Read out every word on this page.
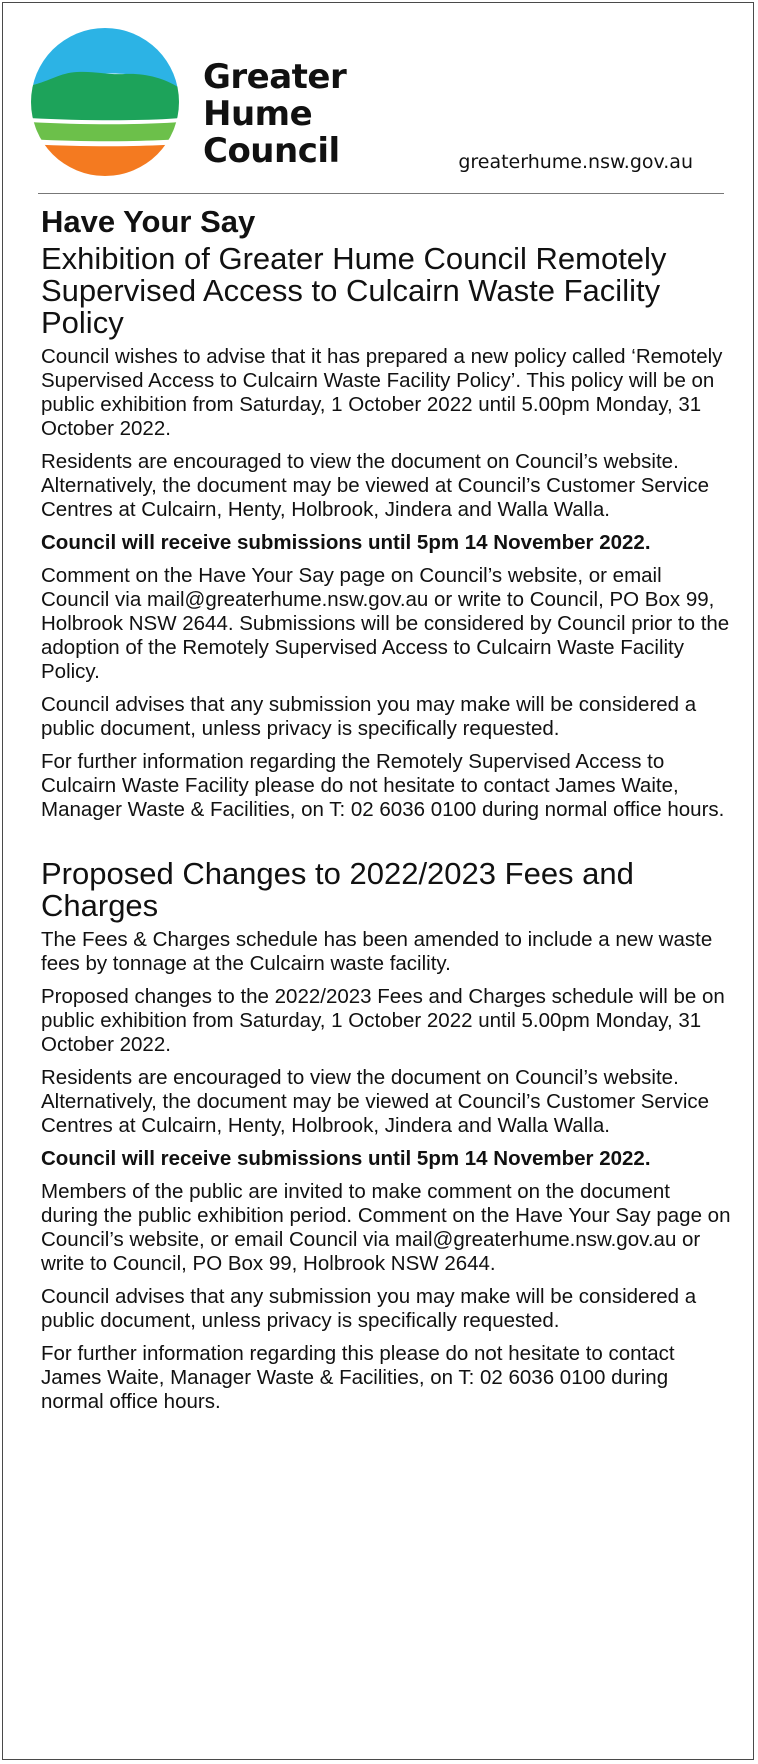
Greater
Hume
Council	greaterhume.nsw.gov.au
Have Your Say
Exhibition of Greater Hume Council Remotely Supervised Access to Culcairn Waste Facility Policy

Council wishes to advise that it has prepared a new policy called ‘Remotely Supervised Access to Culcairn Waste Facility Policy’. This policy will be on public exhibition from Saturday, 1 October 2022 until 5.00pm Monday, 31 October 2022.

Residents are encouraged to view the document on Council’s website. Alternatively, the document may be viewed at Council’s Customer Service Centres at Culcairn, Henty, Holbrook, Jindera and Walla Walla.

Council will receive submissions until 5pm 14 November 2022.

Comment on the Have Your Say page on Council’s website, or email Council via mail@greaterhume.nsw.gov.au or write to Council, PO Box 99, Holbrook NSW 2644. Submissions will be considered by Council prior to the adoption of the Remotely Supervised Access to Culcairn Waste Facility Policy.

Council advises that any submission you may make will be considered a public document, unless privacy is specifically requested.

For further information regarding the Remotely Supervised Access to Culcairn Waste Facility please do not hesitate to contact James Waite, Manager Waste & Facilities, on T: 02 6036 0100 during normal office hours.

Proposed Changes to 2022/2023 Fees and Charges

The Fees & Charges schedule has been amended to include a new waste fees by tonnage at the Culcairn waste facility.

Proposed changes to the 2022/2023 Fees and Charges schedule will be on public exhibition from Saturday, 1 October 2022 until 5.00pm Monday, 31 October 2022.

Residents are encouraged to view the document on Council’s website. Alternatively, the document may be viewed at Council’s Customer Service Centres at Culcairn, Henty, Holbrook, Jindera and Walla Walla.

Council will receive submissions until 5pm 14 November 2022.

Members of the public are invited to make comment on the document during the public exhibition period. Comment on the Have Your Say page on Council’s website, or email Council via mail@greaterhume.nsw.gov.au or write to Council, PO Box 99, Holbrook NSW 2644.

Council advises that any submission you may make will be considered a public document, unless privacy is specifically requested.

For further information regarding this please do not hesitate to contact James Waite, Manager Waste & Facilities, on T: 02 6036 0100 during normal office hours.
